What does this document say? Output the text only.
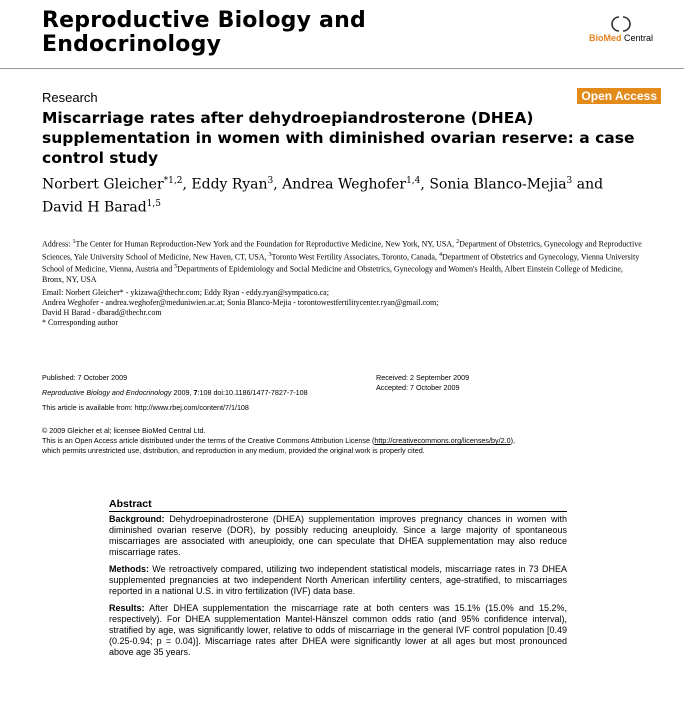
Reproductive Biology and
Endocrinology	BioMed Central
Research	Open Access
Miscarriage rates after dehydroepiandrosterone (DHEA) supplementation in women with diminished ovarian reserve: a case control study
Norbert Gleicher$^{*1,2}$, Eddy Ryan$^3$, Andrea Weghofer$^{1,4}$, Sonia Blanco-Mejia$^3$ and
David H Barad$^{1,5}$
Address: $^1$The Center for Human Reproduction-New York and the Foundation for Reproductive Medicine, New York, NY, USA, $^2$Department of Obstetrics, Gynecology and Reproductive Sciences, Yale University School of Medicine, New Haven, CT, USA, $^3$Toronto West Fertility Associates, Toronto, Canada, $^4$Department of Obstetrics and Gynecology, Vienna University School of Medicine, Vienna, Austria and $^5$Departments of Epidemiology and Social Medicine and Obstetrics, Gynecology and Women's Health, Albert Einstein College of Medicine, Bronx, NY, USA
Email: Norbert Gleicher* - ykizawa@thechr.com; Eddy Ryan - eddy.ryan@sympatico.ca;
Andrea Weghofer - andrea.weghofer@meduniwien.ac.at; Sonia Blanco-Mejia - torontowestfertilitycenter.ryan@gmail.com;
David H Barad - dbarad@thechr.com
* Corresponding author
Published: 7 October 2009
Reproductive Biology and Endocrinology 2009, 7:108 doi:10.1186/1477-7827-7-108
This article is available from: http://www.rbej.com/content/7/1/108
Received: 2 September 2009
Accepted: 7 October 2009
© 2009 Gleicher et al; licensee BioMed Central Ltd.
This is an Open Access article distributed under the terms of the Creative Commons Attribution License (http://creativecommons.org/licenses/by/2.0),
which permits unrestricted use, distribution, and reproduction in any medium, provided the original work is properly cited.
Abstract

Background: Dehydroepinadrosterone (DHEA) supplementation improves pregnancy chances in women with diminished ovarian reserve (DOR), by possibly reducing aneuploidy. Since a large majority of spontaneous miscarriages are associated with aneuploidy, one can speculate that DHEA supplementation may also reduce miscarriage rates.

Methods: We retroactively compared, utilizing two independent statistical models, miscarriage rates in 73 DHEA supplemented pregnancies at two independent North American infertility centers, age-stratified, to miscarriages reported in a national U.S. in vitro fertilization (IVF) data base.

Results: After DHEA supplementation the miscarriage rate at both centers was 15.1% (15.0% and 15.2%, respectively). For DHEA supplementation Mantel-Hänszel common odds ratio (and 95% confidence interval), stratified by age, was significantly lower, relative to odds of miscarriage in the general IVF control population [0.49 (0.25-0.94; p = 0.04)]. Miscarriage rates after DHEA were significantly lower at all ages but most pronounced above age 35 years.
